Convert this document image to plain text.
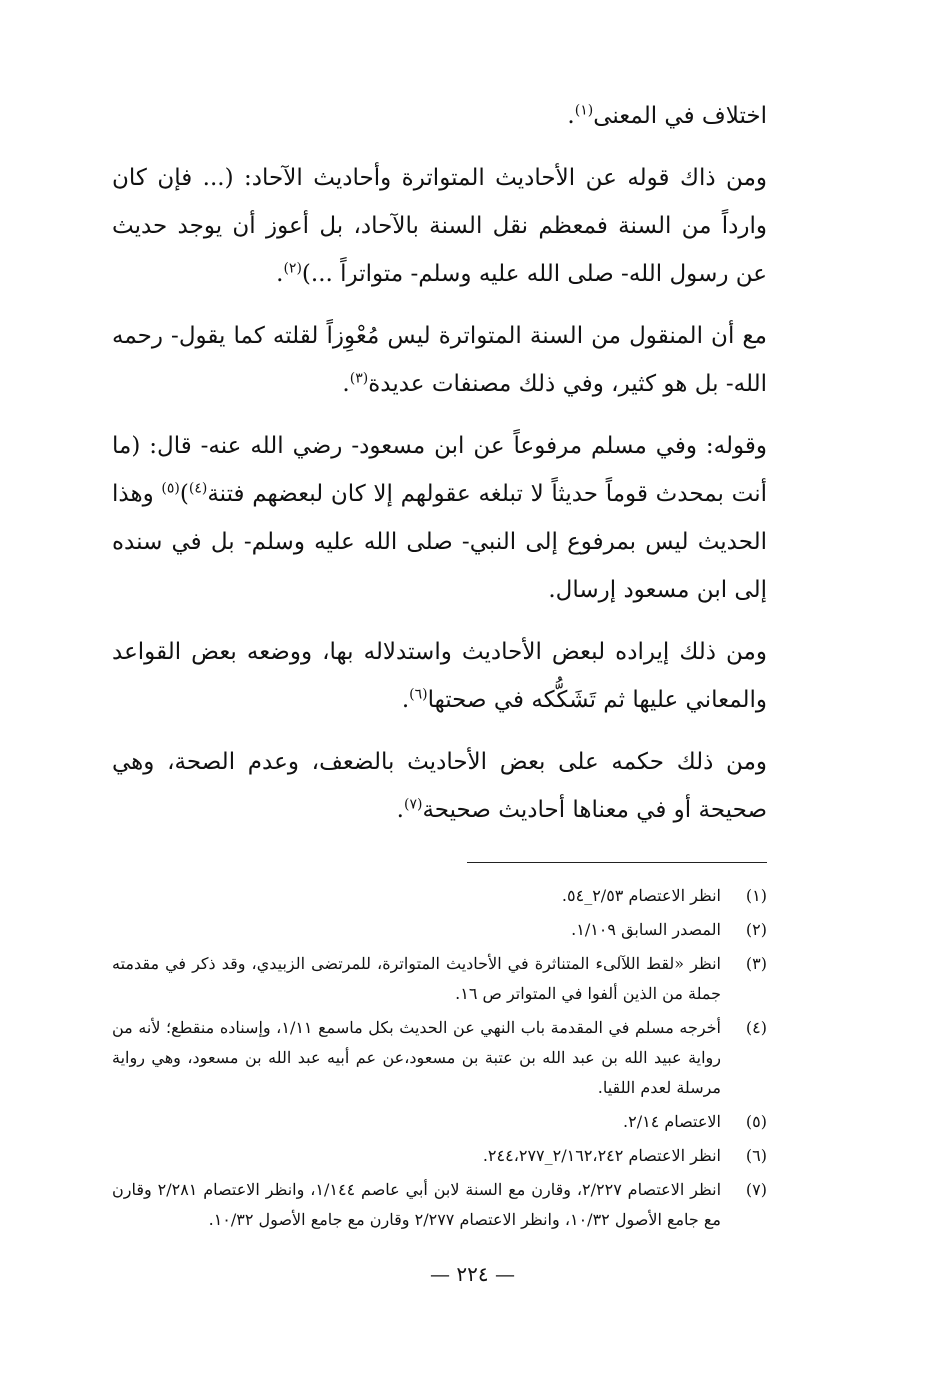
اختلاف في المعنى$^{(١)}$.

ومن ذاك قوله عن الأحاديث المتواترة وأحاديث الآحاد: (... فإن كان وارداً من السنة فمعظم نقل السنة بالآحاد، بل أعوز أن يوجد حديث عن رسول الله- صلى الله عليه وسلم- متواتراً ...)$^{(٢)}$.

مع أن المنقول من السنة المتواترة ليس مُعْوِزاً لقلته كما يقول- رحمه الله- بل هو كثير، وفي ذلك مصنفات عديدة$^{(٣)}$.

وقوله: وفي مسلم مرفوعاً عن ابن مسعود- رضي الله عنه- قال: (ما أنت بمحدث قوماً حديثاً لا تبلغه عقولهم إلا كان لبعضهم فتنة$^{(٤)}$)$^{(٥)}$ وهذا الحديث ليس بمرفوع إلى النبي- صلى الله عليه وسلم- بل في سنده إلى ابن مسعود إرسال.

ومن ذلك إيراده لبعض الأحاديث واستدلاله بها، ووضعه بعض القواعد والمعاني عليها ثم تَشَكُّكه في صحتها$^{(٦)}$.

ومن ذلك حكمه على بعض الأحاديث بالضعف، وعدم الصحة، وهي صحيحة أو في معناها أحاديث صحيحة$^{(٧)}$.

(١)
انظر الاعتصام ٢/٥٣_٥٤.
(٢)
المصدر السابق ١/١٠٩.
(٣)
انظر «لقط اللآلىء المتناثرة في الأحاديث المتواترة، للمرتضى الزبيدي، وقد ذكر في مقدمته جملة من الذين ألفوا في المتواتر ص ١٦.
(٤)
أخرجه مسلم في المقدمة باب النهي عن الحديث بكل ماسمع ١/١١، وإسناده منقطع؛ لأنه من رواية عبيد الله بن عبد الله بن عتبة بن مسعود،عن عم أبيه عبد الله بن مسعود، وهي رواية مرسلة لعدم اللقيا.
(٥)
الاعتصام ٢/١٤.
(٦)
انظر الاعتصام ٢/١٦٢،٢٤٢_٢٤٤،٢٧٧.
(٧)
انظر الاعتصام ٢/٢٢٧، وقارن مع السنة لابن أبي عاصم ١/١٤٤، وانظر الاعتصام ٢/٢٨١ وقارن مع جامع الأصول ١٠/٣٢، وانظر الاعتصام ٢/٢٧٧ وقارن مع جامع الأصول ١٠/٣٢.
— ٢٢٤ —
